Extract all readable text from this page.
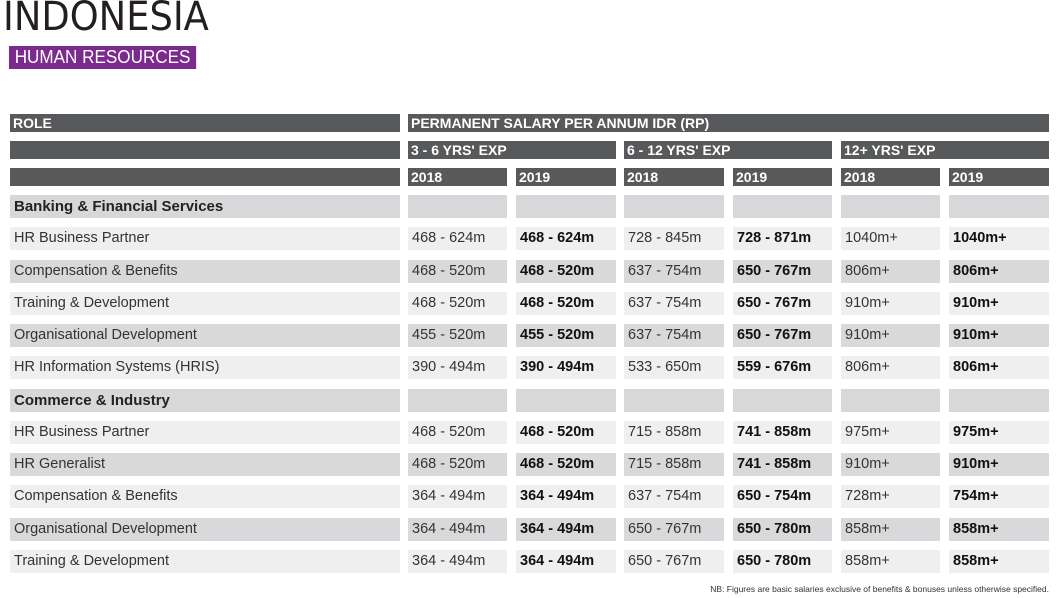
INDONESIA
HUMAN RESOURCES
ROLE	PERMANENT SALARY PER ANNUM IDR (RP)
3 - 6 YRS' EXP	6 - 12 YRS' EXP	12+ YRS' EXP
2018	2019	2018	2019	2018	2019
Banking & Financial Services
HR Business Partner	468 - 624m	468 - 624m	728 - 845m	728 - 871m	1040m+	1040m+
Compensation & Benefits	468 - 520m	468 - 520m	637 - 754m	650 - 767m	806m+	806m+
Training & Development	468 - 520m	468 - 520m	637 - 754m	650 - 767m	910m+	910m+
Organisational Development	455 - 520m	455 - 520m	637 - 754m	650 - 767m	910m+	910m+
HR Information Systems (HRIS)	390 - 494m	390 - 494m	533 - 650m	559 - 676m	806m+	806m+
Commerce & Industry
HR Business Partner	468 - 520m	468 - 520m	715 - 858m	741 - 858m	975m+	975m+
HR Generalist	468 - 520m	468 - 520m	715 - 858m	741 - 858m	910m+	910m+
Compensation & Benefits	364 - 494m	364 - 494m	637 - 754m	650 - 754m	728m+	754m+
Organisational Development	364 - 494m	364 - 494m	650 - 767m	650 - 780m	858m+	858m+
Training & Development	364 - 494m	364 - 494m	650 - 767m	650 - 780m	858m+	858m+
NB: Figures are basic salaries exclusive of benefits & bonuses unless otherwise specified.
